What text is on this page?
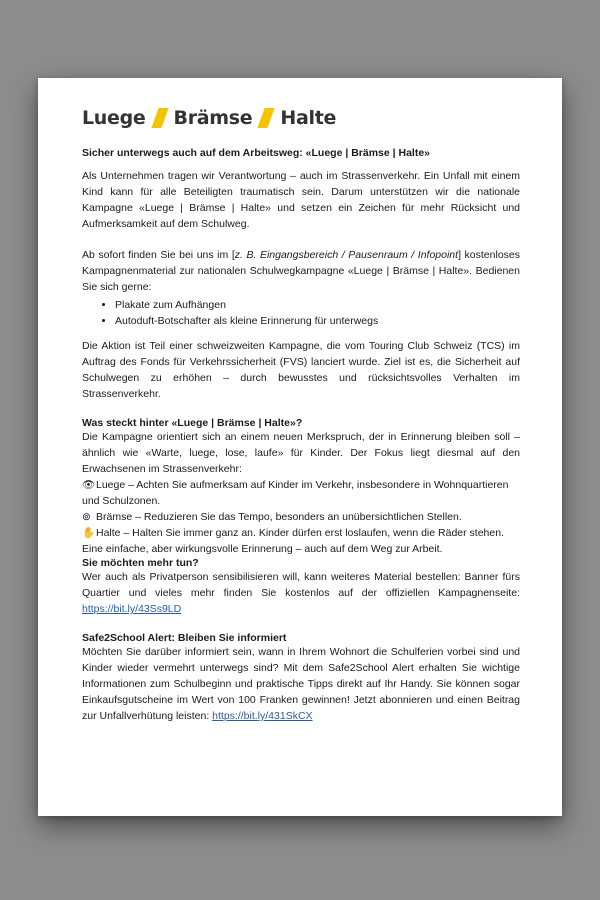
Luege Brämse Halte
Sicher unterwegs auch auf dem Arbeitsweg: «Luege | Brämse | Halte»

Als Unternehmen tragen wir Verantwortung – auch im Strassenverkehr. Ein Unfall mit einem Kind kann für alle Beteiligten traumatisch sein. Darum unterstützen wir die nationale Kampagne «Luege | Brämse | Halte» und setzen ein Zeichen für mehr Rücksicht und Aufmerksamkeit auf dem Schulweg.

Ab sofort finden Sie bei uns im [z. B. Eingangsbereich / Pausenraum / Infopoint] kostenloses Kampagnenmaterial zur nationalen Schulwegkampagne «Luege | Brämse | Halte». Bedienen Sie sich gerne:

• Plakate zum Aufhängen
• Autoduft-Botschafter als kleine Erinnerung für unterwegs

Die Aktion ist Teil einer schweizweiten Kampagne, die vom Touring Club Schweiz (TCS) im Auftrag des Fonds für Verkehrssicherheit (FVS) lanciert wurde. Ziel ist es, die Sicherheit auf Schulwegen zu erhöhen – durch bewusstes und rücksichtsvolles Verhalten im Strassenverkehr.

Was steckt hinter «Luege | Brämse | Halte»?

Die Kampagne orientiert sich an einem neuen Merkspruch, der in Erinnerung bleiben soll – ähnlich wie «Warte, luege, lose, laufe» für Kinder. Der Fokus liegt diesmal auf den Erwachsenen im Strassenverkehr:

👁Luege – Achten Sie aufmerksam auf Kinder im Verkehr, insbesondere in Wohnquartieren und Schulzonen.

⊚ Brämse – Reduzieren Sie das Tempo, besonders an unübersichtlichen Stellen.

✋Halte – Halten Sie immer ganz an. Kinder dürfen erst loslaufen, wenn die Räder stehen.

Eine einfache, aber wirkungsvolle Erinnerung – auch auf dem Weg zur Arbeit.

Sie möchten mehr tun?

Wer auch als Privatperson sensibilisieren will, kann weiteres Material bestellen: Banner fürs Quartier und vieles mehr finden Sie kostenlos auf der offiziellen Kampagnenseite: https://bit.ly/43Ss9LD

Safe2School Alert: Bleiben Sie informiert

Möchten Sie darüber informiert sein, wann in Ihrem Wohnort die Schulferien vorbei sind und Kinder wieder vermehrt unterwegs sind? Mit dem Safe2School Alert erhalten Sie wichtige Informationen zum Schulbeginn und praktische Tipps direkt auf Ihr Handy. Sie können sogar Einkaufsgutscheine im Wert von 100 Franken gewinnen! Jetzt abonnieren und einen Beitrag zur Unfallverhütung leisten: https://bit.ly/431SkCX
